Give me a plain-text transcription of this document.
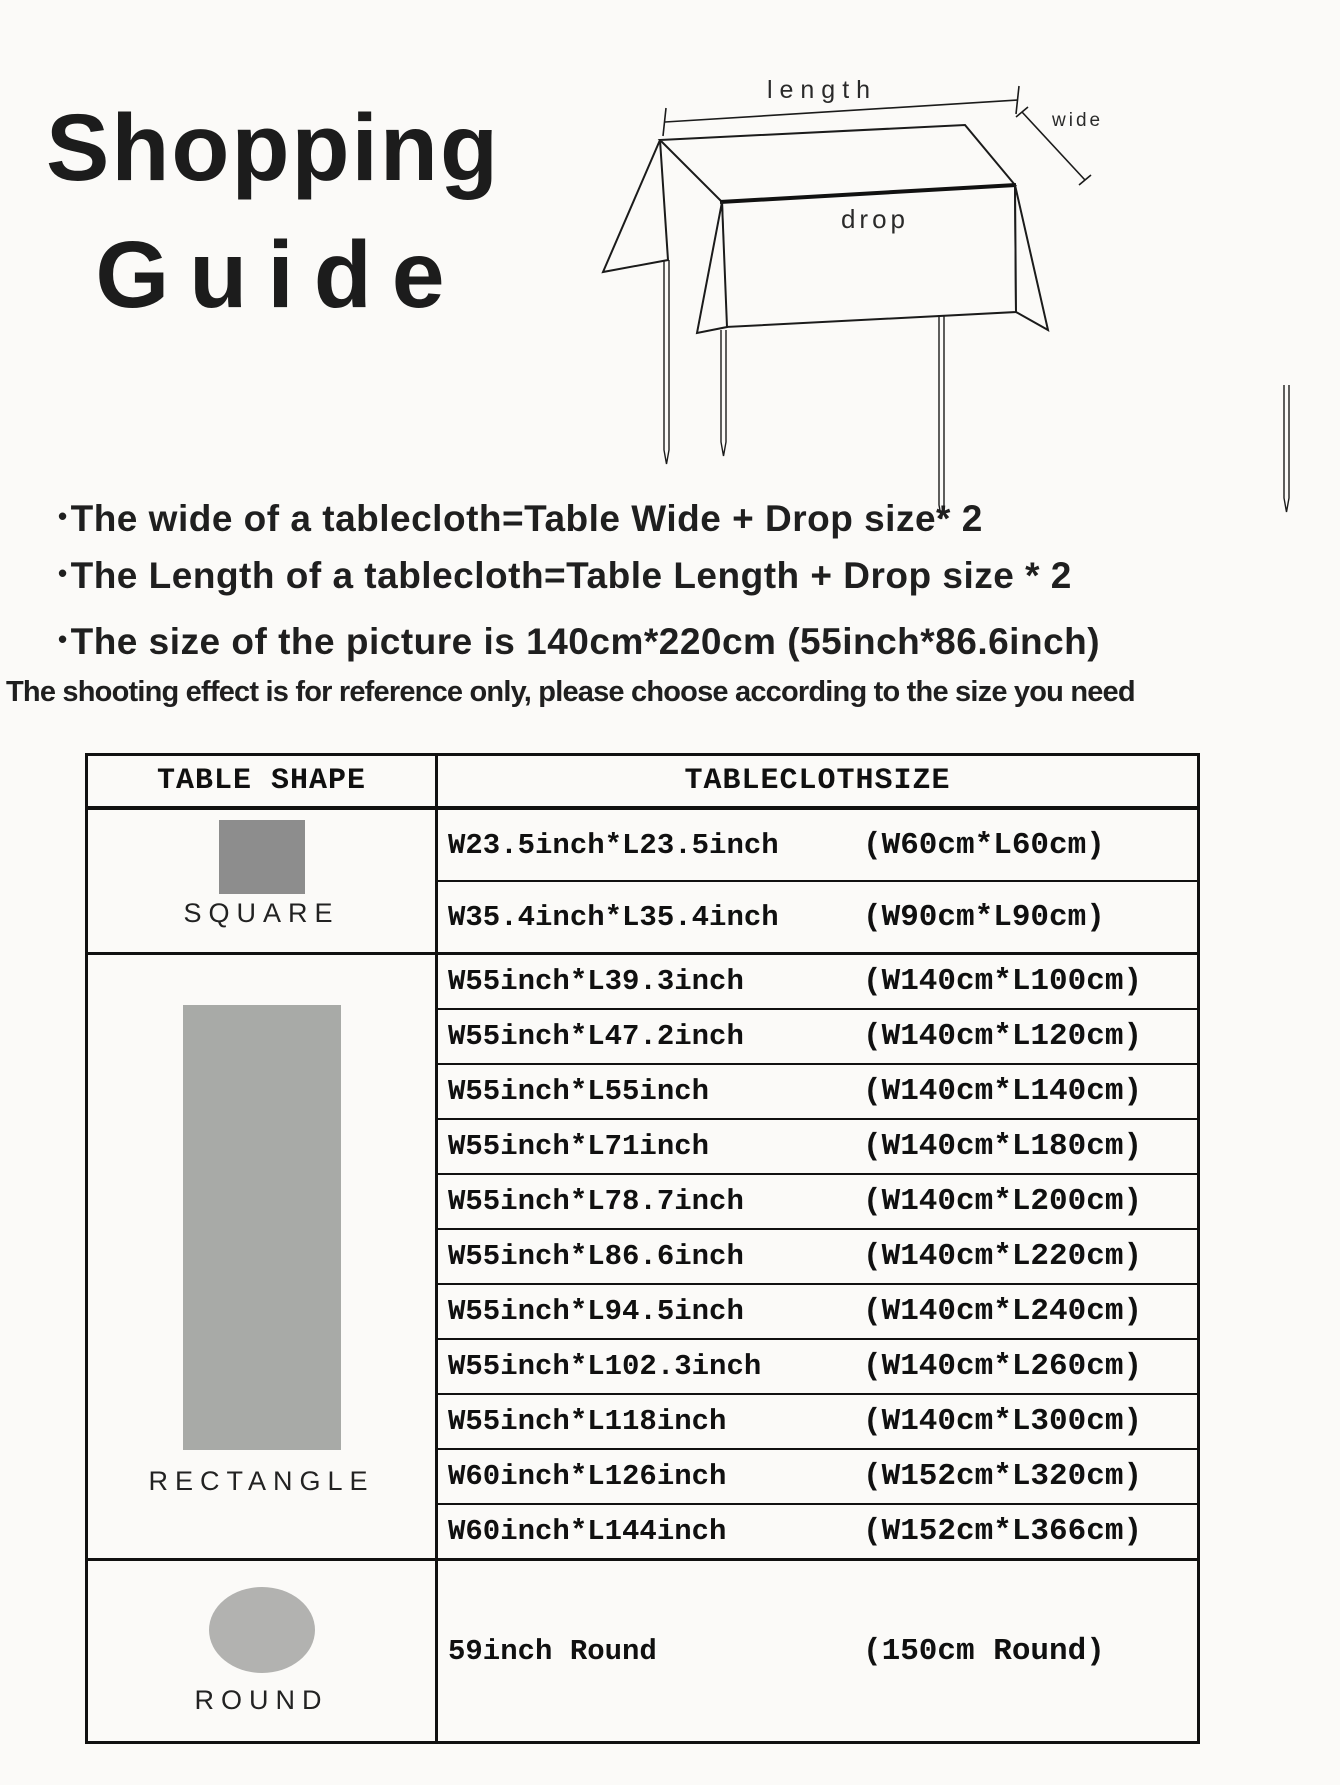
Shopping
Guide
length
wide
drop
•The wide of a tablecloth=Table Wide + Drop size* 2
•The Length of a tablecloth=Table Length + Drop size * 2
•The size of the picture is 140cm*220cm (55inch*86.6inch)
The shooting effect is for reference only, please choose according to the size you need
TABLE SHAPE	TABLECLOTHSIZE
SQUARE
W23.5inch*L23.5inch	(W60cm*L60cm)
W35.4inch*L35.4inch	(W90cm*L90cm)
RECTANGLE
W55inch*L39.3inch	(W140cm*L100cm)
W55inch*L47.2inch	(W140cm*L120cm)
W55inch*L55inch	(W140cm*L140cm)
W55inch*L71inch	(W140cm*L180cm)
W55inch*L78.7inch	(W140cm*L200cm)
W55inch*L86.6inch	(W140cm*L220cm)
W55inch*L94.5inch	(W140cm*L240cm)
W55inch*L102.3inch	(W140cm*L260cm)
W55inch*L118inch	(W140cm*L300cm)
W60inch*L126inch	(W152cm*L320cm)
W60inch*L144inch	(W152cm*L366cm)
ROUND
59inch Round	(150cm Round)
